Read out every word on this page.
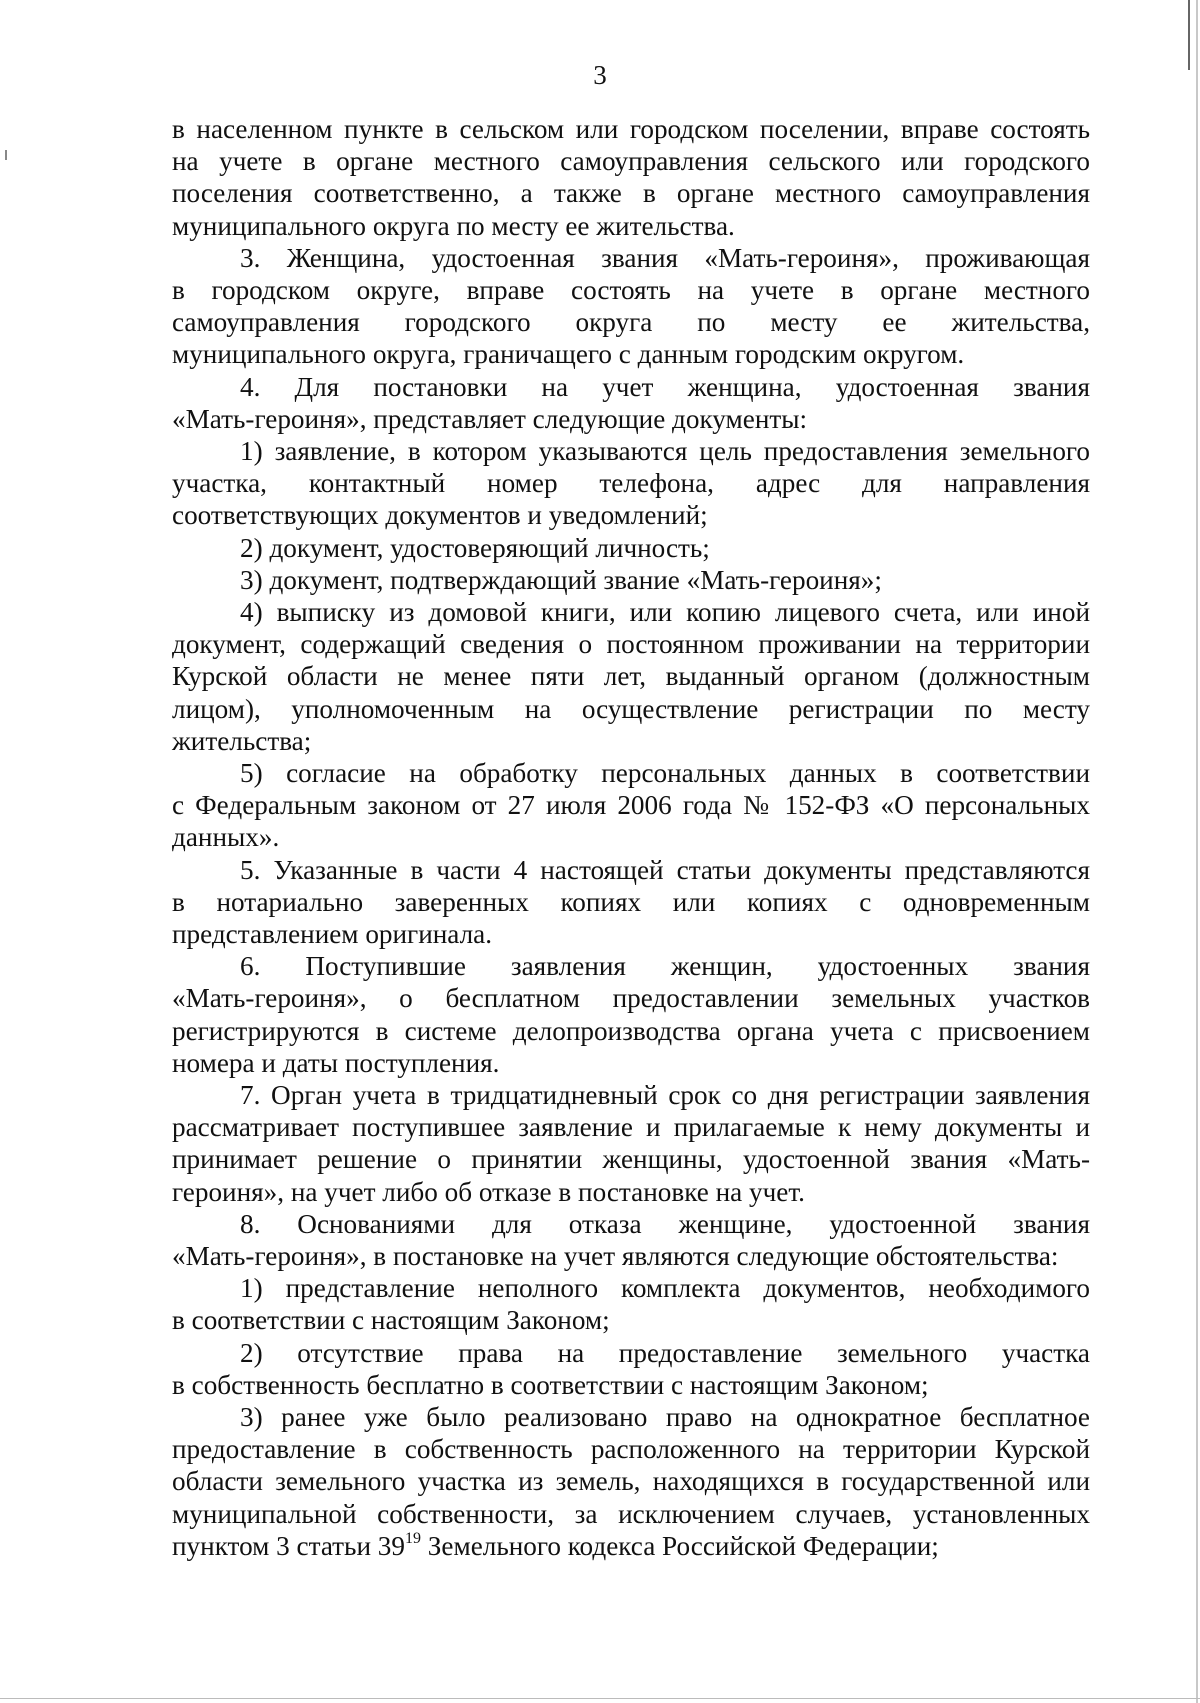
3
в населенном пункте в сельском или городском поселении, вправе состоять
на учете в органе местного самоуправления сельского или городского
поселения соответственно, а также в органе местного самоуправления
муниципального округа по месту ее жительства.
3. Женщина, удостоенная звания «Мать-героиня», проживающая
в городском округе, вправе состоять на учете в органе местного
самоуправления городского округа по месту ее жительства,
муниципального округа, граничащего с данным городским округом.
4. Для постановки на учет женщина, удостоенная звания
«Мать-героиня», представляет следующие документы:
1) заявление, в котором указываются цель предоставления земельного
участка, контактный номер телефона, адрес для направления
соответствующих документов и уведомлений;
2) документ, удостоверяющий личность;
3) документ, подтверждающий звание «Мать-героиня»;
4) выписку из домовой книги, или копию лицевого счета, или иной
документ, содержащий сведения о постоянном проживании на территории
Курской области не менее пяти лет, выданный органом (должностным
лицом), уполномоченным на осуществление регистрации по месту
жительства;
5) согласие на обработку персональных данных в соответствии
с Федеральным законом от 27 июля 2006 года № 152-ФЗ «О персональных
данных».
5. Указанные в части 4 настоящей статьи документы представляются
в нотариально заверенных копиях или копиях с одновременным
представлением оригинала.
6. Поступившие заявления женщин, удостоенных звания
«Мать-героиня», о бесплатном предоставлении земельных участков
регистрируются в системе делопроизводства органа учета с присвоением
номера и даты поступления.
7. Орган учета в тридцатидневный срок со дня регистрации заявления
рассматривает поступившее заявление и прилагаемые к нему документы и
принимает решение о принятии женщины, удостоенной звания «Мать-
героиня», на учет либо об отказе в постановке на учет.
8. Основаниями для отказа женщине, удостоенной звания
«Мать-героиня», в постановке на учет являются следующие обстоятельства:
1) представление неполного комплекта документов, необходимого
в соответствии с настоящим Законом;
2) отсутствие права на предоставление земельного участка
в собственность бесплатно в соответствии с настоящим Законом;
3) ранее уже было реализовано право на однократное бесплатное
предоставление в собственность расположенного на территории Курской
области земельного участка из земель, находящихся в государственной или
муниципальной собственности, за исключением случаев, установленных
пунктом 3 статьи $39^{19}$ Земельного кодекса Российской Федерации;
